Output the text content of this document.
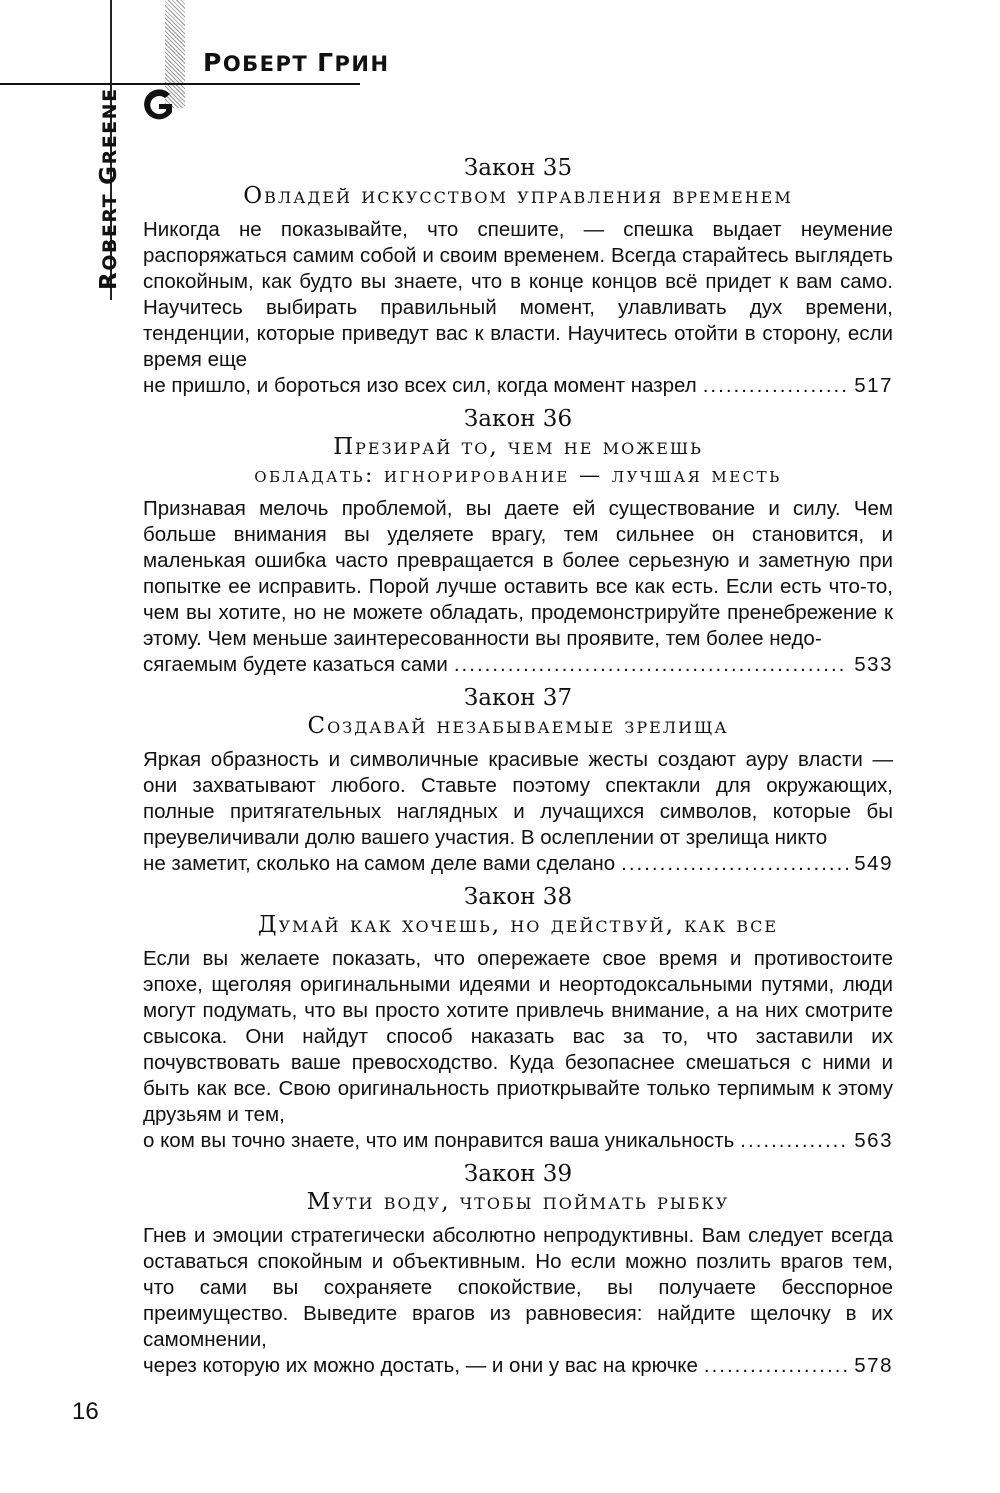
РОБЕРТ ГРИН
ROBERT GREENE
Закон 35
Овладей искусством управления временем
Никогда не показывайте, что спешите, — спешка выдает неумение распоряжаться самим собой и своим временем. Всегда старайтесь выглядеть спокойным, как будто вы знаете, что в конце концов всё придет к вам само. Научитесь выбирать правильный момент, улавливать дух времени, тенденции, которые приведут вас к власти. Научитесь отойти в сторону, если время еще
не пришло, и бороться изо всех сил, когда момент назрел .....	517
Закон 36
Презирай то, чем не можешь
обладать: игнорирование — лучшая месть
Признавая мелочь проблемой, вы даете ей существование и силу. Чем больше внимания вы уделяете врагу, тем сильнее он становится, и маленькая ошибка часто превращается в более серьезную и заметную при попытке ее исправить. Порой лучше оставить все как есть. Если есть что-то, чем вы хотите, но не можете обладать, продемонстрируйте пренебрежение к этому. Чем меньше заинтересованности вы проявите, тем более недо-
сягаемым будете казаться сами .....	533
Закон 37
Создавай незабываемые зрелища
Яркая образность и символичные красивые жесты создают ауру власти — они захватывают любого. Ставьте поэтому спектакли для окружающих, полные притягательных наглядных и лучащихся символов, которые бы преувеличивали долю вашего участия. В ослеплении от зрелища никто
не заметит, сколько на самом деле вами сделано .....	549
Закон 38
Думай как хочешь, но действуй, как все
Если вы желаете показать, что опережаете свое время и противостоите эпохе, щеголяя оригинальными идеями и неортодоксальными путями, люди могут подумать, что вы просто хотите привлечь внимание, а на них смотрите свысока. Они найдут способ наказать вас за то, что заставили их почувствовать ваше превосходство. Куда безопаснее смешаться с ними и быть как все. Свою оригинальность приоткрывайте только терпимым к этому друзьям и тем,
о ком вы точно знаете, что им понравится ваша уникальность .....	563
Закон 39
Мути воду, чтобы поймать рыбку
Гнев и эмоции стратегически абсолютно непродуктивны. Вам следует всегда оставаться спокойным и объективным. Но если можно позлить врагов тем, что сами вы сохраняете спокойствие, вы получаете бесспорное преимущество. Выведите врагов из равновесия: найдите щелочку в их самомнении,
через которую их можно достать, — и они у вас на крючке .....	578
16
